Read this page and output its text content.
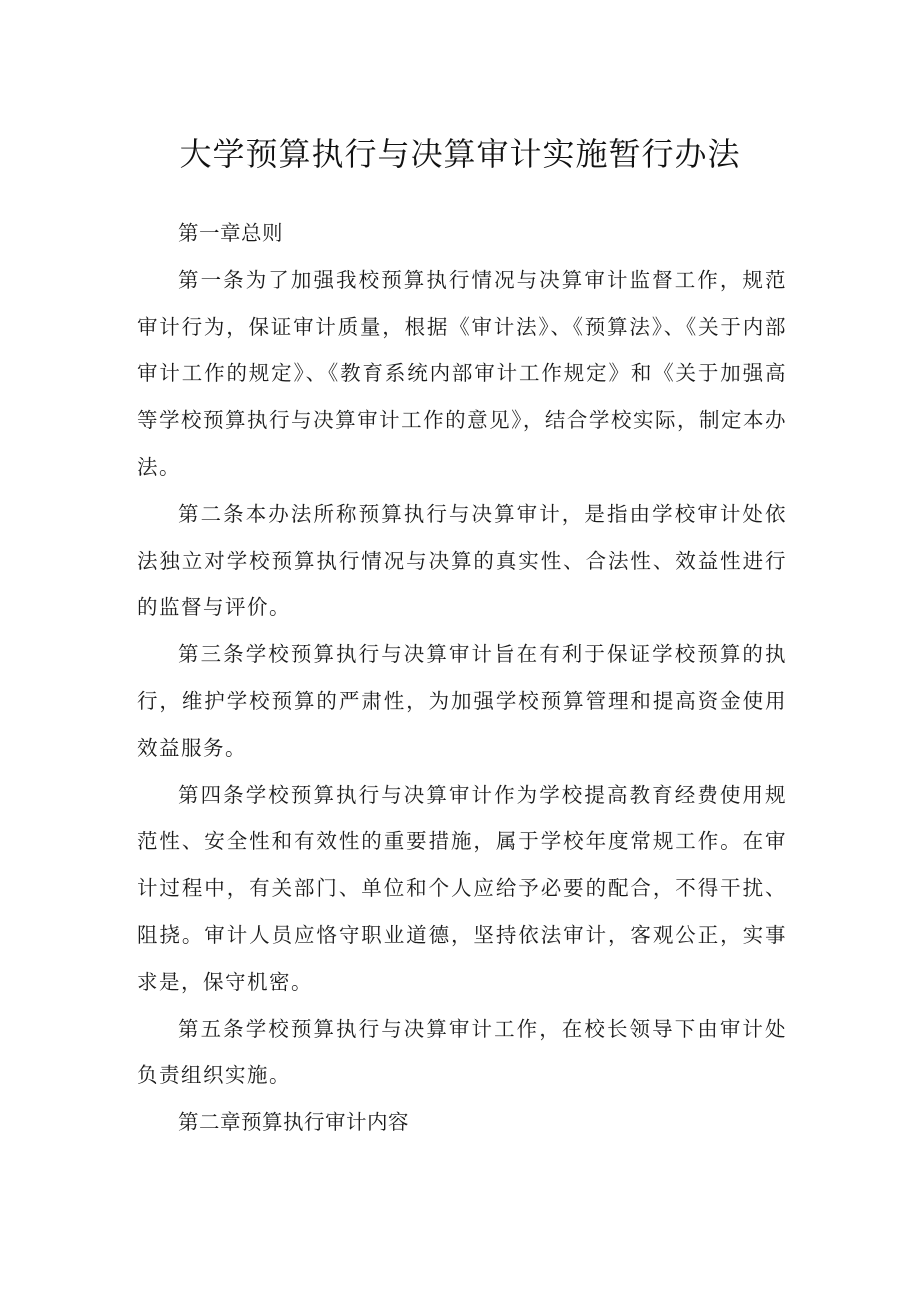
大学预算执行与决算审计实施暂行办法

第一章总则

第一条为了加强我校预算执行情况与决算审计监督工作，规范审计行为，保证审计质量，根据《审计法》、《预算法》、《关于内部审计工作的规定》、《教育系统内部审计工作规定》和《关于加强高等学校预算执行与决算审计工作的意见》，结合学校实际，制定本办法。

第二条本办法所称预算执行与决算审计，是指由学校审计处依法独立对学校预算执行情况与决算的真实性、合法性、效益性进行的监督与评价。

第三条学校预算执行与决算审计旨在有利于保证学校预算的执行，维护学校预算的严肃性，为加强学校预算管理和提高资金使用效益服务。

第四条学校预算执行与决算审计作为学校提高教育经费使用规范性、安全性和有效性的重要措施，属于学校年度常规工作。在审计过程中，有关部门、单位和个人应给予必要的配合，不得干扰、阻挠。审计人员应恪守职业道德，坚持依法审计，客观公正，实事求是，保守机密。

第五条学校预算执行与决算审计工作，在校长领导下由审计处负责组织实施。

第二章预算执行审计内容
